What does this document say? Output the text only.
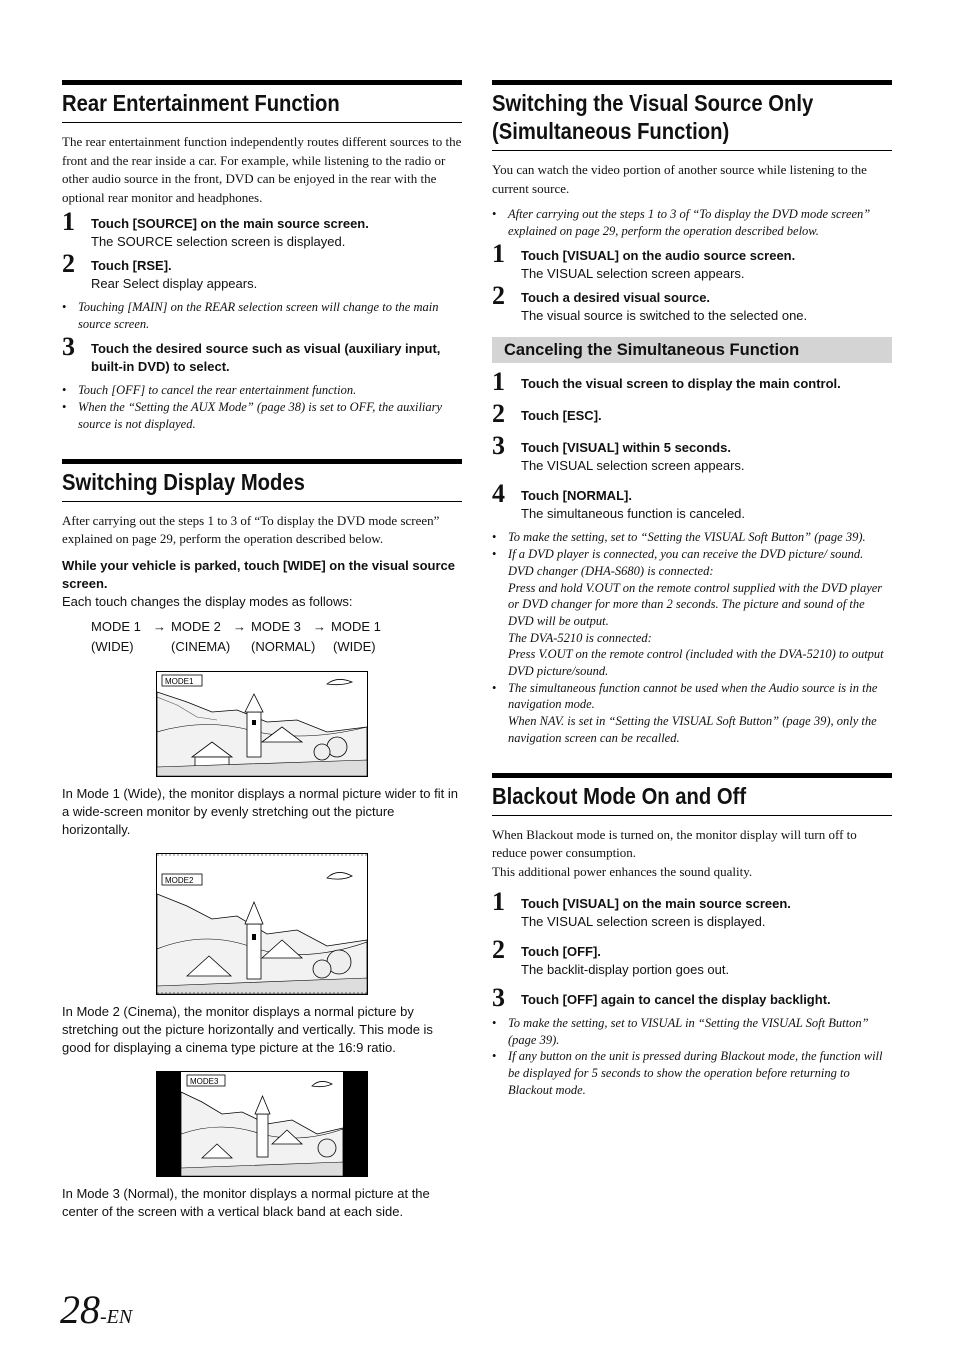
Rear Entertainment Function

The rear entertainment function independently routes different sources to the front and the rear inside a car. For example, while listening to the radio or other audio source in the front, DVD can be enjoyed in the rear with the optional rear monitor and headphones.

1 Touch [SOURCE] on the main source screen.
The SOURCE selection screen is displayed.
2 Touch [RSE].
Rear Select display appears.
• Touching [MAIN] on the REAR selection screen will change to the main source screen.
3 Touch the desired source such as visual (auxiliary input, built-in DVD) to select.
• Touch [OFF] to cancel the rear entertainment function.
• When the “Setting the AUX Mode” (page 38) is set to OFF, the auxiliary source is not displayed.
Switching Display Modes

After carrying out the steps 1 to 3 of “To display the DVD mode screen” explained on page 29, perform the operation described below.

While your vehicle is parked, touch [WIDE] on the visual source screen.
Each touch changes the display modes as follows:
MODE 1 → MODE 2 → MODE 3 → MODE 1
(WIDE)	(CINEMA)	(NORMAL)	(WIDE)
MODE1
In Mode 1 (Wide), the monitor displays a normal picture wider to fit in a wide-screen monitor by evenly stretching out the picture horizontally.
MODE2
In Mode 2 (Cinema), the monitor displays a normal picture by stretching out the picture horizontally and vertically. This mode is good for displaying a cinema type picture at the 16:9 ratio.
MODE3
In Mode 3 (Normal), the monitor displays a normal picture at the center of the screen with a vertical black band at each side.
Switching the Visual Source Only
(Simultaneous Function)

You can watch the video portion of another source while listening to the current source.

• After carrying out the steps 1 to 3 of “To display the DVD mode screen” explained on page 29, perform the operation described below.
1 Touch [VISUAL] on the audio source screen.
The VISUAL selection screen appears.
2 Touch a desired visual source.
The visual source is switched to the selected one.
Canceling the Simultaneous Function
1 Touch the visual screen to display the main control.
2 Touch [ESC].
3 Touch [VISUAL] within 5 seconds.
The VISUAL selection screen appears.
4 Touch [NORMAL].
The simultaneous function is canceled.
• To make the setting, set to “Setting the VISUAL Soft Button” (page 39).
• If a DVD player is connected, you can receive the DVD picture/ sound.
DVD changer (DHA-S680) is connected:
Press and hold V.OUT on the remote control supplied with the DVD player or DVD changer for more than 2 seconds. The picture and sound of the DVD will be output.
The DVA-5210 is connected:
Press V.OUT on the remote control (included with the DVA-5210) to output DVD picture/sound.
• The simultaneous function cannot be used when the Audio source is in the navigation mode.
When NAV. is set in “Setting the VISUAL Soft Button” (page 39), only the navigation screen can be recalled.
Blackout Mode On and Off

When Blackout mode is turned on, the monitor display will turn off to reduce power consumption.

This additional power enhances the sound quality.

1 Touch [VISUAL] on the main source screen.
The VISUAL selection screen is displayed.
2 Touch [OFF].
The backlit-display portion goes out.
3 Touch [OFF] again to cancel the display backlight.
• To make the setting, set to VISUAL in “Setting the VISUAL Soft Button” (page 39).
• If any button on the unit is pressed during Blackout mode, the function will be displayed for 5 seconds to show the operation before returning to Blackout mode.
28-EN
